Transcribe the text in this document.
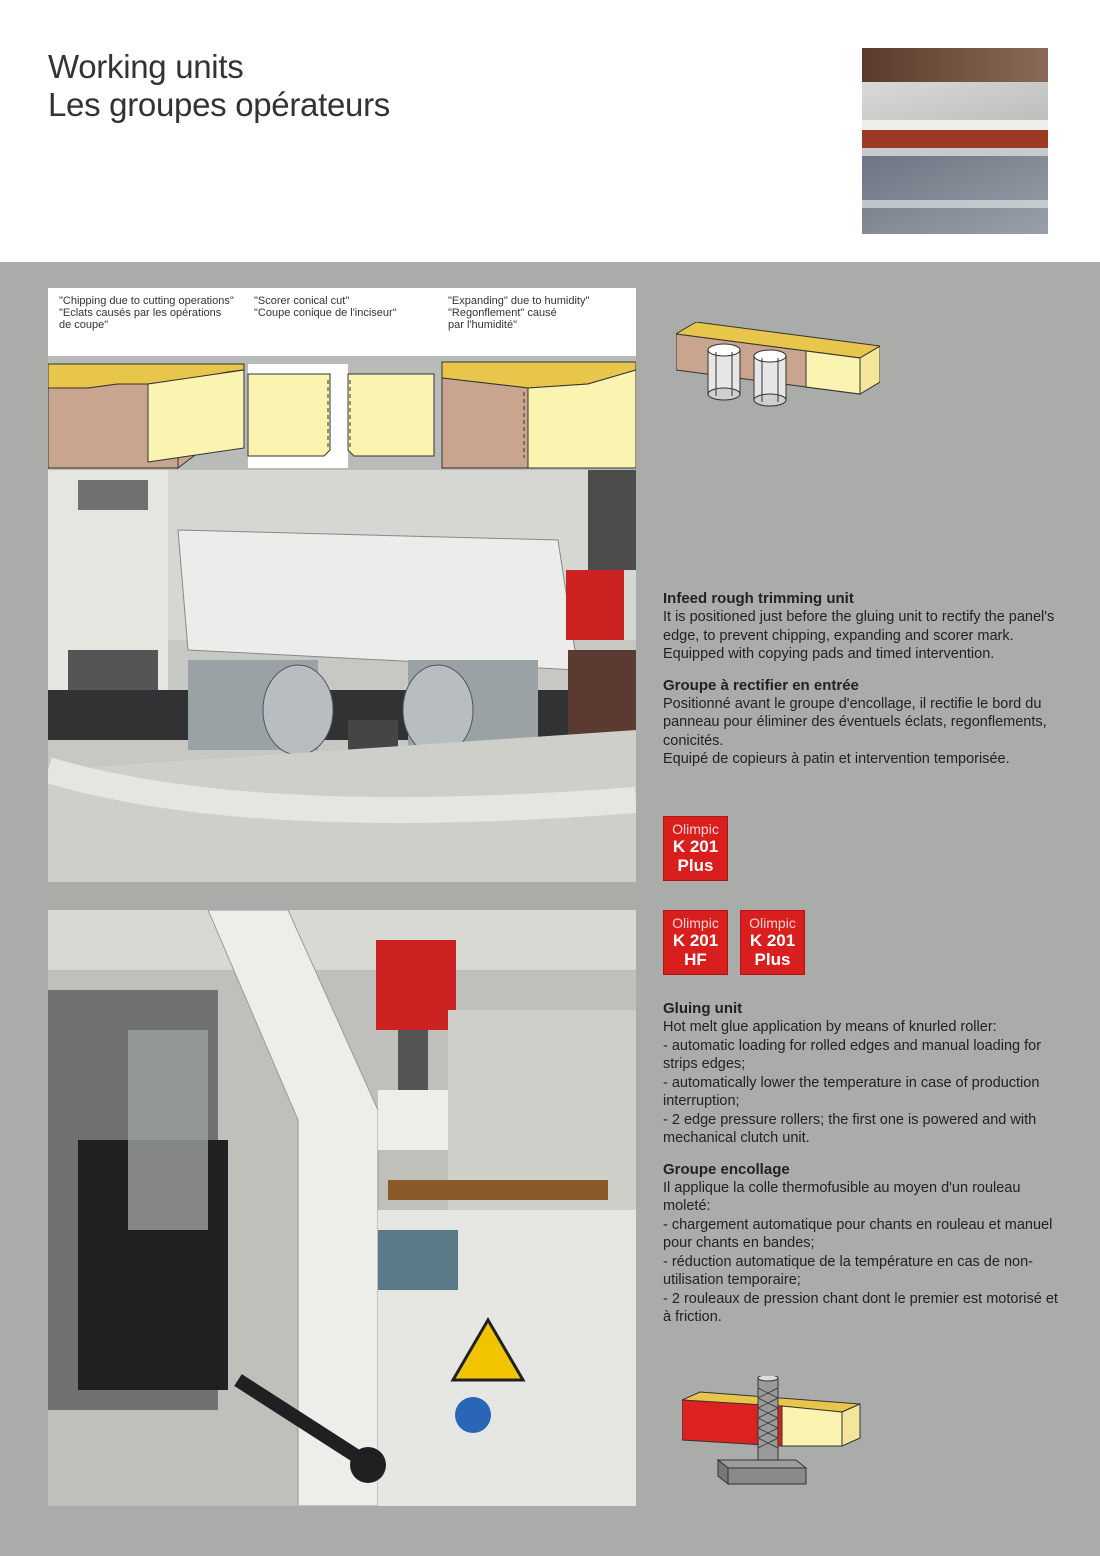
Working units
Les groupes opérateurs
"Chipping due to cutting operations"
"Eclats causés par les opérations
de coupe"
"Scorer conical cut"
"Coupe conique de l'inciseur"
"Expanding" due to humidity"
"Regonflement" causé
par l'humidité"
Infeed rough trimming unit

It is positioned just before the gluing unit to rectify the panel's edge, to prevent chipping, expanding and scorer mark.
Equipped with copying pads and timed intervention.

Groupe à rectifier en entrée

Positionné avant le groupe d'encollage, il rectifie le bord du panneau pour éliminer des éventuels éclats, regonflements, conicités.
Equipé de copieurs à patin et intervention temporisée.

Olimpic
K 201
Plus
Olimpic
K 201
HF
Olimpic
K 201
Plus
Gluing unit

Hot melt glue application by means of knurled roller:
- automatic loading for rolled edges and manual loading for strips edges;
- automatically lower the temperature in case of production interruption;
- 2 edge pressure rollers; the first one is powered and with mechanical clutch unit.

Groupe encollage

Il applique la colle thermofusible au moyen d'un rouleau moleté:
- chargement automatique pour chants en rouleau et manuel pour chants en bandes;
- réduction automatique de la température en cas de non-utilisation temporaire;
- 2 rouleaux de pression chant dont le premier est motorisé et à friction.
